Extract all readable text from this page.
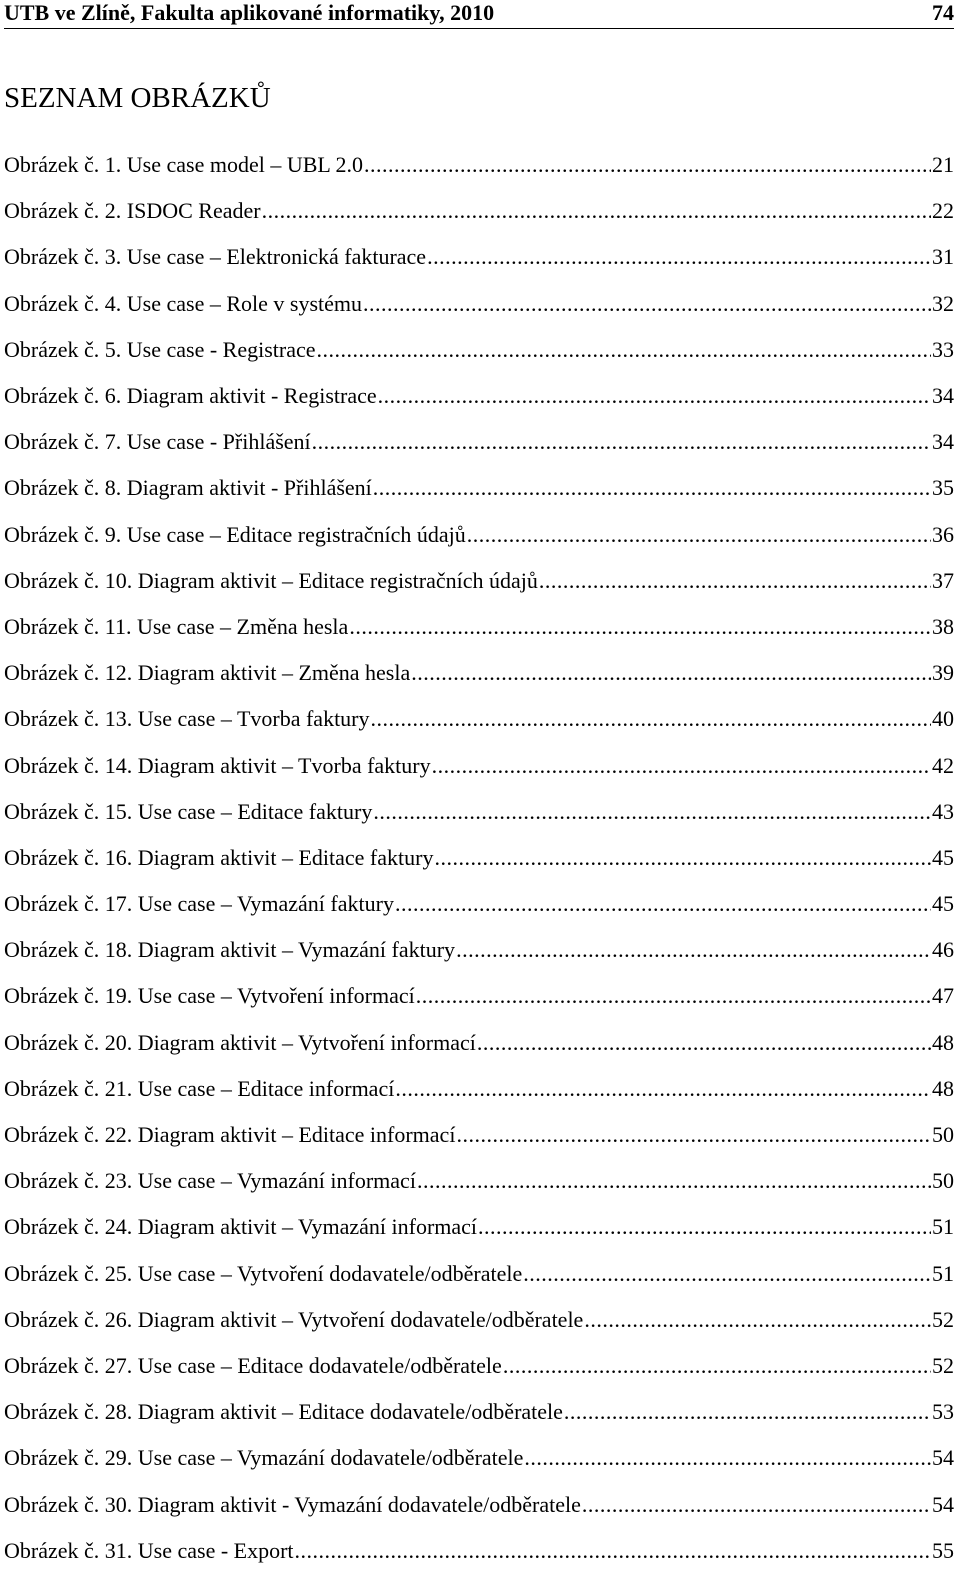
UTB ve Zlíně, Fakulta aplikované informatiky, 2010	74
SEZNAM OBRÁZKŮ
Obrázek č. 1. Use case model – UBL 2.0 .....	21
Obrázek č. 2. ISDOC Reader .....	22
Obrázek č. 3. Use case – Elektronická fakturace .....	31
Obrázek č. 4. Use case – Role v systému .....	32
Obrázek č. 5. Use case - Registrace .....	33
Obrázek č. 6. Diagram aktivit - Registrace .....	34
Obrázek č. 7. Use case - Přihlášení .....	34
Obrázek č. 8. Diagram aktivit - Přihlášení .....	35
Obrázek č. 9. Use case – Editace registračních údajů .....	36
Obrázek č. 10. Diagram aktivit – Editace registračních údajů .....	37
Obrázek č. 11. Use case – Změna hesla .....	38
Obrázek č. 12. Diagram aktivit – Změna hesla .....	39
Obrázek č. 13. Use case – Tvorba faktury .....	40
Obrázek č. 14. Diagram aktivit – Tvorba faktury .....	42
Obrázek č. 15. Use case – Editace faktury .....	43
Obrázek č. 16. Diagram aktivit – Editace faktury .....	45
Obrázek č. 17. Use case – Vymazání faktury .....	45
Obrázek č. 18. Diagram aktivit – Vymazání faktury .....	46
Obrázek č. 19. Use case – Vytvoření informací .....	47
Obrázek č. 20. Diagram aktivit – Vytvoření informací .....	48
Obrázek č. 21. Use case – Editace informací .....	48
Obrázek č. 22. Diagram aktivit – Editace informací .....	50
Obrázek č. 23. Use case – Vymazání informací .....	50
Obrázek č. 24. Diagram aktivit – Vymazání informací .....	51
Obrázek č. 25. Use case – Vytvoření dodavatele/odběratele .....	51
Obrázek č. 26. Diagram aktivit – Vytvoření dodavatele/odběratele .....	52
Obrázek č. 27. Use case – Editace dodavatele/odběratele .....	52
Obrázek č. 28. Diagram aktivit – Editace dodavatele/odběratele .....	53
Obrázek č. 29. Use case – Vymazání dodavatele/odběratele .....	54
Obrázek č. 30. Diagram aktivit - Vymazání dodavatele/odběratele .....	54
Obrázek č. 31. Use case - Export .....	55
